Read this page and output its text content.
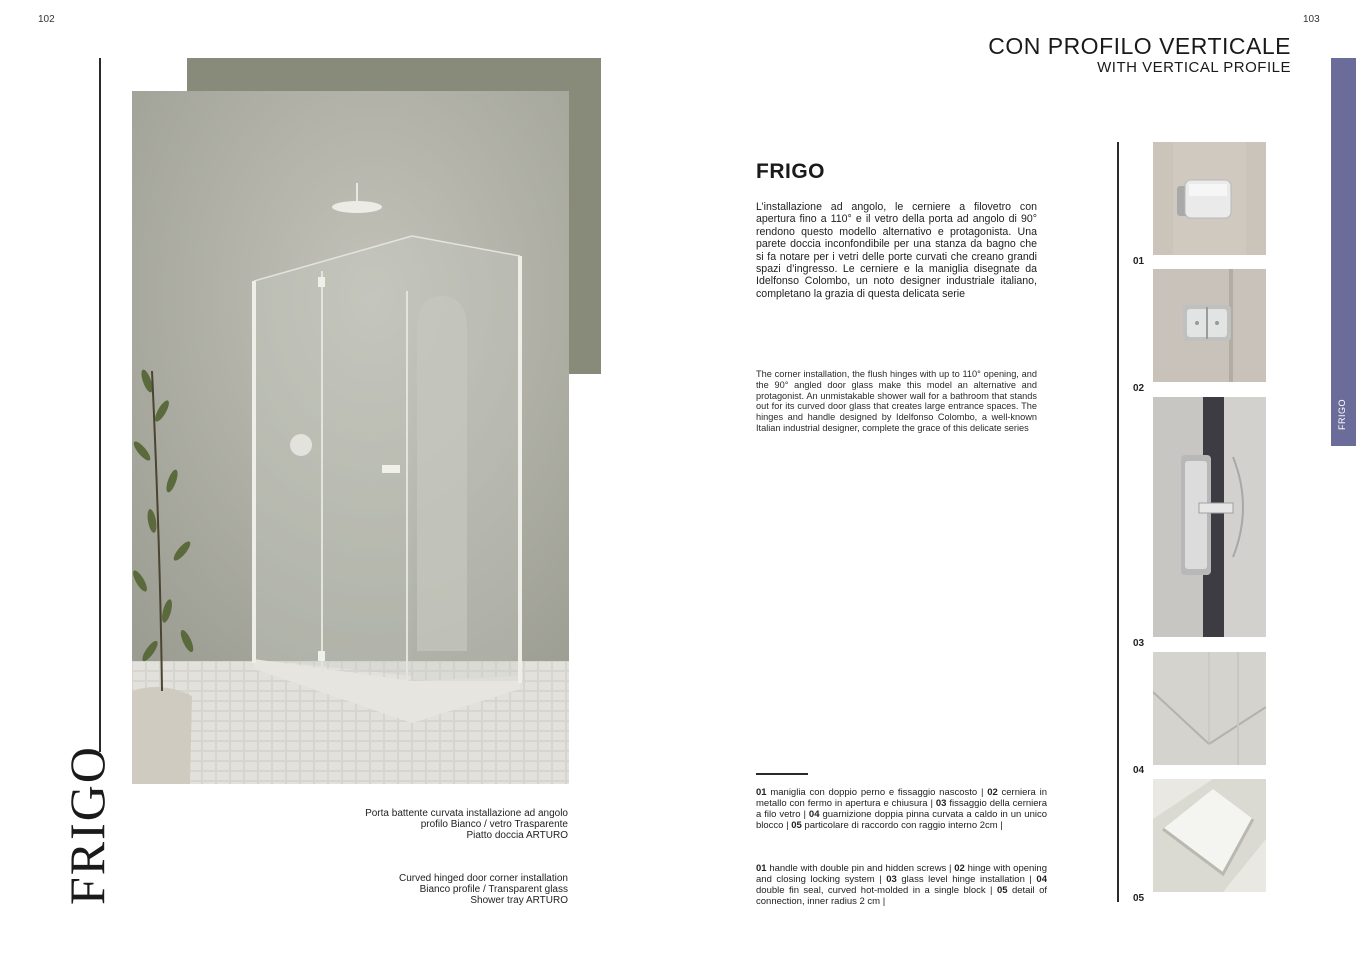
102	103
FRIGO	Porta battente curvata installazione ad angolo
profilo Bianco / vetro Trasparente
Piatto doccia ARTURO
Curved hinged door corner installation
Bianco profile / Transparent glass
Shower tray ARTURO
CON PROFILO VERTICALE
WITH VERTICAL PROFILE
FRIGO
FRIGO
L’installazione ad angolo, le cerniere a filovetro con apertura fino a 110° e il vetro della porta ad angolo di 90° rendono questo modello alternativo e protagonista. Una parete doccia inconfondibile per una stanza da bagno che si fa notare per i vetri delle porte curvati che creano grandi spazi d’ingresso. Le cerniere e la maniglia disegnate da Idelfonso Colombo, un noto designer industriale italiano, completano la grazia di questa delicata serie
The corner installation, the flush hinges with up to 110° opening, and the 90° angled door glass make this model an alternative and protagonist. An unmistakable shower wall for a bathroom that stands out for its curved door glass that creates large entrance spaces. The hinges and handle designed by Idelfonso Colombo, a well-known Italian industrial designer, complete the grace of this delicate series
01 maniglia con doppio perno e fissaggio nascosto | 02 cerniera in metallo con fermo in apertura e chiusura | 03 fissaggio della cerniera a filo vetro | 04 guarnizione doppia pinna curvata a caldo in un unico blocco | 05 particolare di raccordo con raggio interno 2cm |
01 handle with double pin and hidden screws | 02 hinge with opening and closing locking system | 03 glass level hinge installation | 04 double fin seal, curved hot-molded in a single block | 05 detail of connection, inner radius 2 cm |
01
02
03
04
05
